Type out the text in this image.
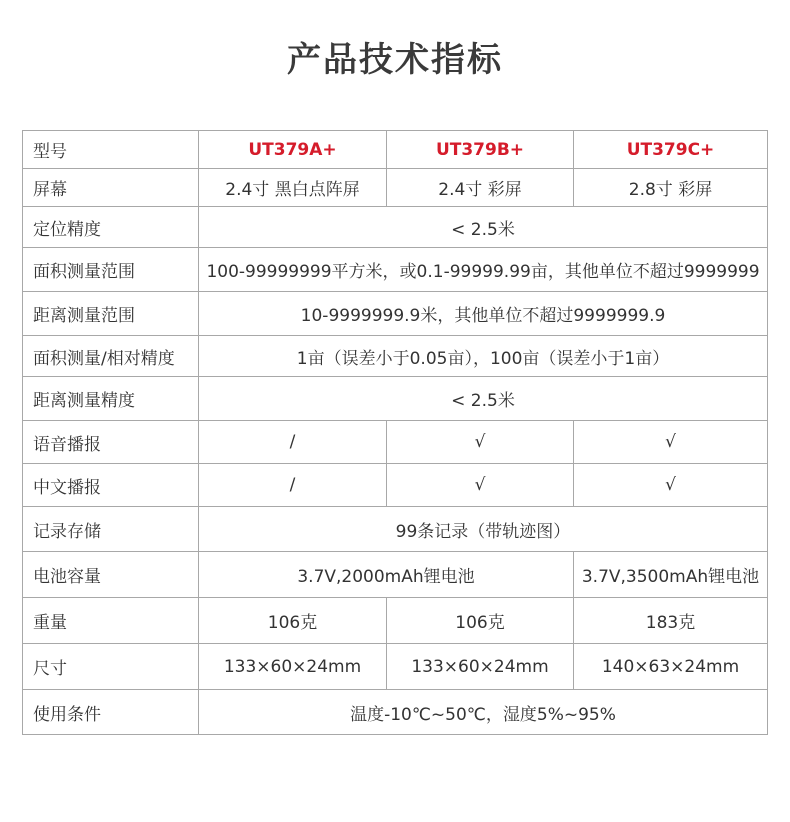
产品技术指标
型号	UT379A+	UT379B+	UT379C+
屏幕	2.4寸 黑白点阵屏	2.4寸 彩屏	2.8寸 彩屏
定位精度	< 2.5米		
面积测量范围	100-99999999平方米，或0.1-99999.99亩，其他单位不超过9999999		
距离测量范围	10-9999999.9米，其他单位不超过9999999.9		
面积测量/相对精度	1亩（误差小于0.05亩），100亩（误差小于1亩）		
距离测量精度	< 2.5米		
语音播报	/	√	√
中文播报	/	√	√
记录存储	99条记录（带轨迹图）		
电池容量	3.7V,2000mAh锂电池		3.7V,3500mAh锂电池
重量	106克	106克	183克
尺寸	133×60×24mm	133×60×24mm	140×63×24mm
使用条件	温度-10℃~50℃，湿度5%~95%		
